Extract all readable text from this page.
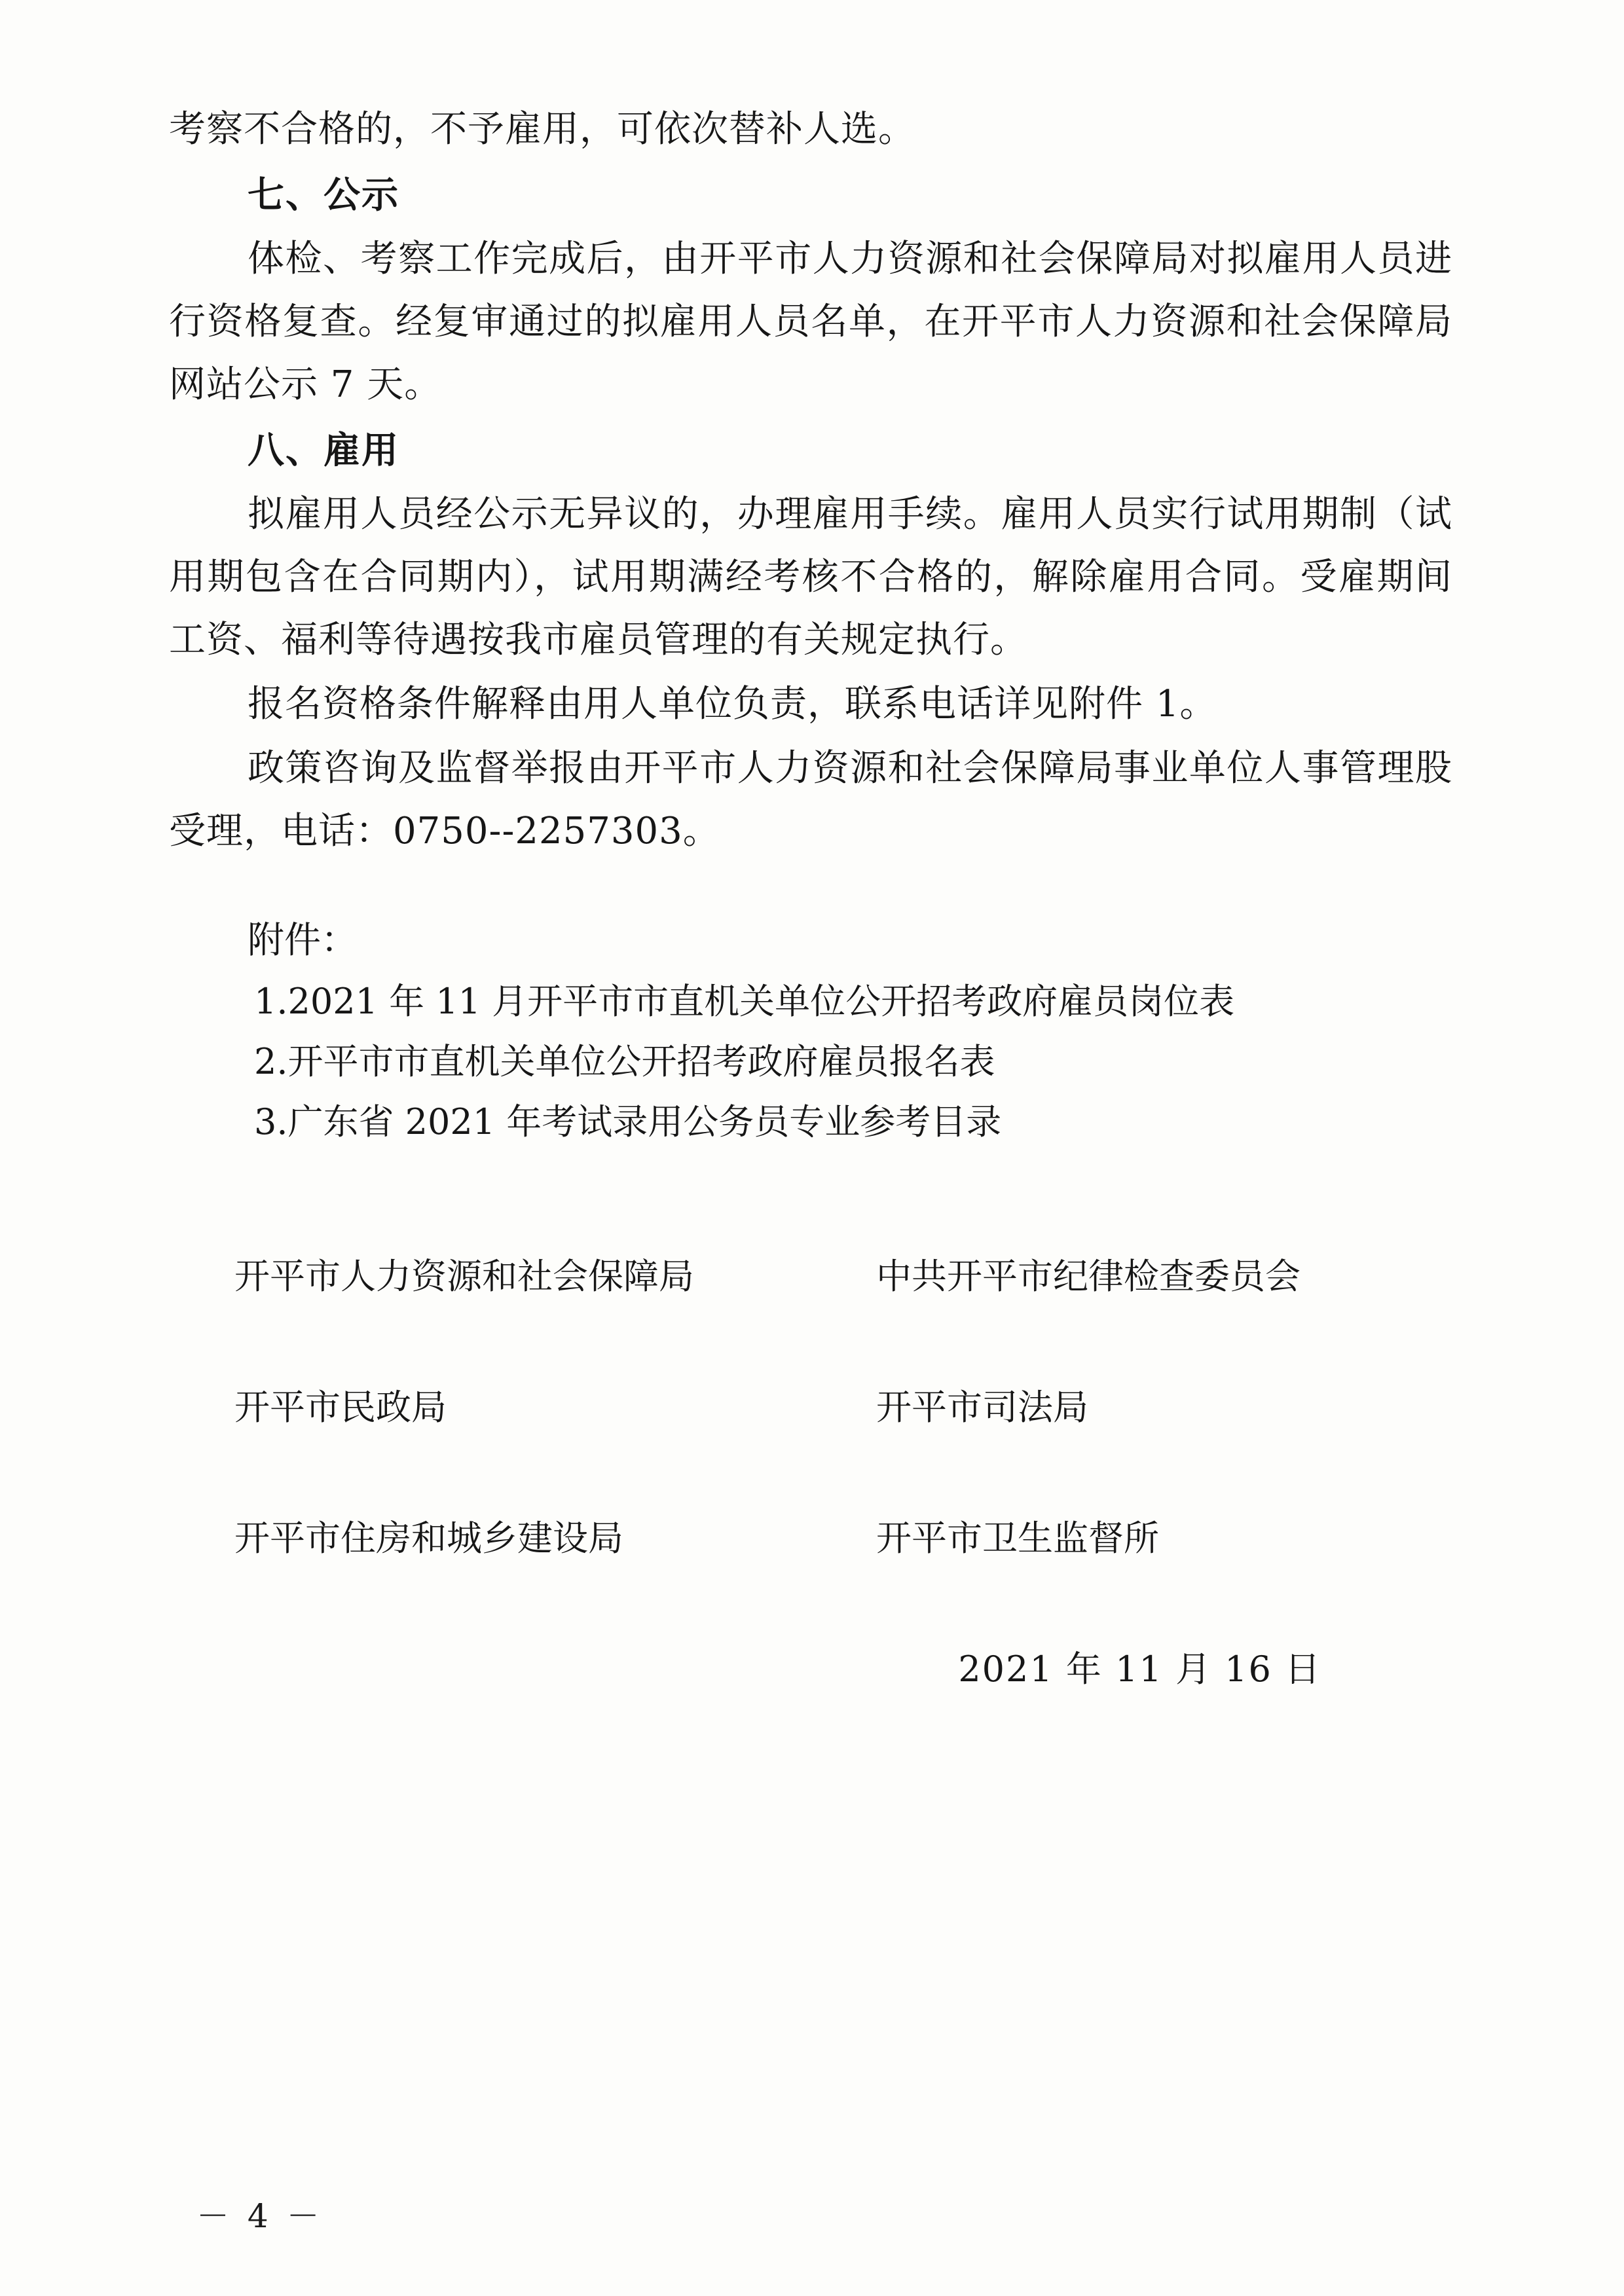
考察不合格的，不予雇用，可依次替补人选。

七、公示

体检、考察工作完成后，由开平市人力资源和社会保障局对拟雇用人员进行资格复查。经复审通过的拟雇用人员名单，在开平市人力资源和社会保障局网站公示 7 天。

八、雇用

拟雇用人员经公示无异议的，办理雇用手续。雇用人员实行试用期制（试用期包含在合同期内），试用期满经考核不合格的，解除雇用合同。受雇期间工资、福利等待遇按我市雇员管理的有关规定执行。

报名资格条件解释由用人单位负责，联系电话详见附件 1。

政策咨询及监督举报由开平市人力资源和社会保障局事业单位人事管理股受理，电话：0750--2257303。

附件：

1.2021 年 11 月开平市市直机关单位公开招考政府雇员岗位表

2.开平市市直机关单位公开招考政府雇员报名表

3.广东省 2021 年考试录用公务员专业参考目录

开平市人力资源和社会保障局	中共开平市纪律检查委员会
开平市民政局	开平市司法局
开平市住房和城乡建设局	开平市卫生监督所
2021 年 11 月 16 日
－ 4 －
